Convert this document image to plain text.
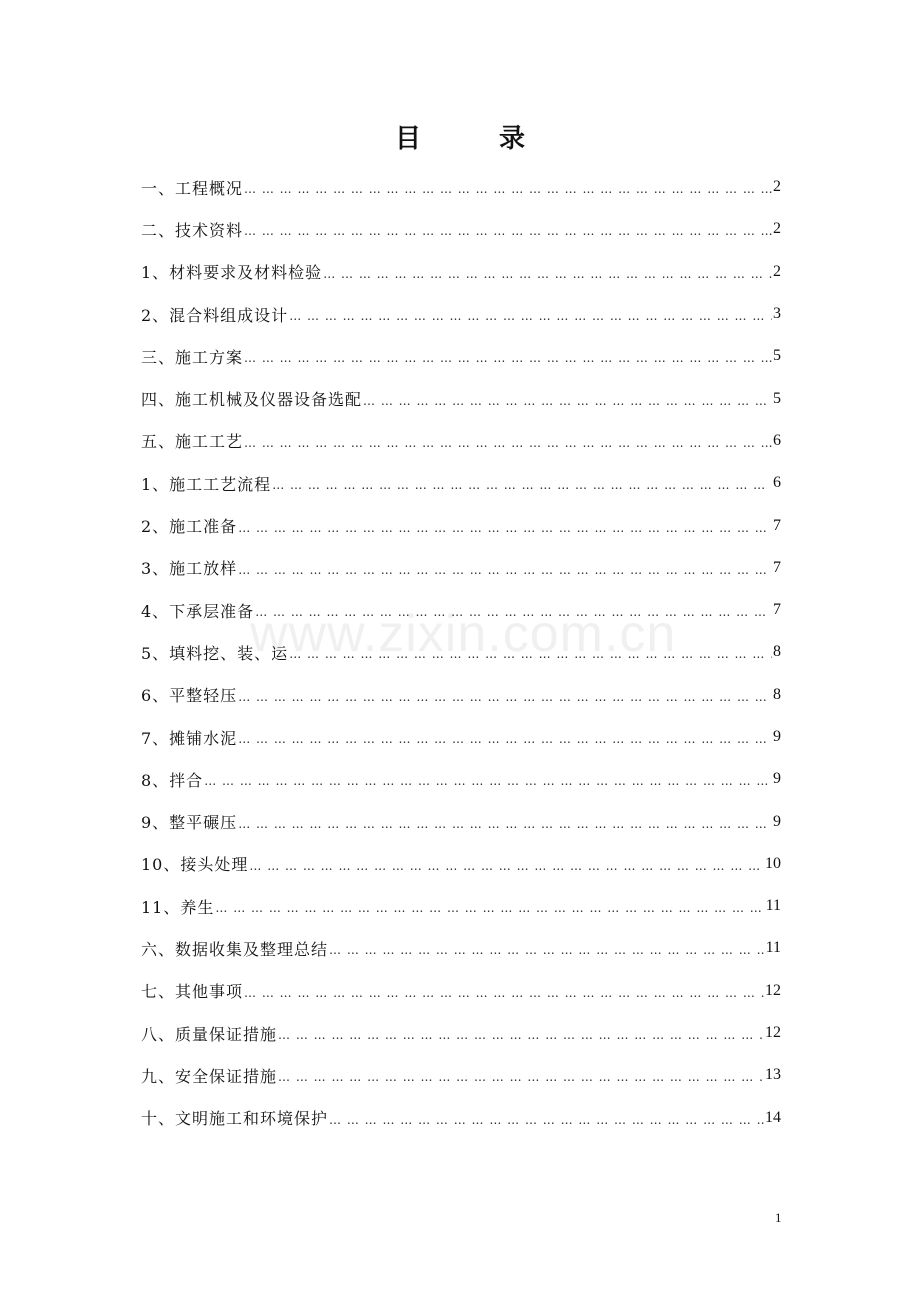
目	录
www.zixin.com.cn
一、工程概况 … … … … … … … … … … … … … … … … … … … … … … … … … … … … … … … … … … … … … … … … … … … … … … … … … … … …	2
二、技术资料 … … … … … … … … … … … … … … … … … … … … … … … … … … … … … … … … … … … … … … … … … … … … … … … … … … … …	2
1、材料要求及材料检验 … … … … … … … … … … … … … … … … … … … … … … … … … … … … … … … … … … … … … … … … … … … … … … … … … … … …	2
2、混合料组成设计 … … … … … … … … … … … … … … … … … … … … … … … … … … … … … … … … … … … … … … … … … … … … … … … … … … … …	3
三、施工方案 … … … … … … … … … … … … … … … … … … … … … … … … … … … … … … … … … … … … … … … … … … … … … … … … … … … …	5
四、施工机械及仪器设备选配 … … … … … … … … … … … … … … … … … … … … … … … … … … … … … … … … … … … … … … … … … … … … … … … … … … … …	5
五、施工工艺 … … … … … … … … … … … … … … … … … … … … … … … … … … … … … … … … … … … … … … … … … … … … … … … … … … … …	6
1、施工工艺流程 … … … … … … … … … … … … … … … … … … … … … … … … … … … … … … … … … … … … … … … … … … … … … … … … … … … …	6
2、施工准备 … … … … … … … … … … … … … … … … … … … … … … … … … … … … … … … … … … … … … … … … … … … … … … … … … … … …	7
3、施工放样 … … … … … … … … … … … … … … … … … … … … … … … … … … … … … … … … … … … … … … … … … … … … … … … … … … … …	7
4、下承层准备 … … … … … … … … … … … … … … … … … … … … … … … … … … … … … … … … … … … … … … … … … … … … … … … … … … … …	7
5、填料挖、装、运 … … … … … … … … … … … … … … … … … … … … … … … … … … … … … … … … … … … … … … … … … … … … … … … … … … … …	8
6、平整轻压 … … … … … … … … … … … … … … … … … … … … … … … … … … … … … … … … … … … … … … … … … … … … … … … … … … … …	8
7、摊铺水泥 … … … … … … … … … … … … … … … … … … … … … … … … … … … … … … … … … … … … … … … … … … … … … … … … … … … …	9
8、拌合 … … … … … … … … … … … … … … … … … … … … … … … … … … … … … … … … … … … … … … … … … … … … … … … … … … … …	9
9、整平碾压 … … … … … … … … … … … … … … … … … … … … … … … … … … … … … … … … … … … … … … … … … … … … … … … … … … … …	9
10、接头处理 … … … … … … … … … … … … … … … … … … … … … … … … … … … … … … … … … … … … … … … … … … … … … … … … … … … …	10
11、养生 … … … … … … … … … … … … … … … … … … … … … … … … … … … … … … … … … … … … … … … … … … … … … … … … … … … …	11
六、数据收集及整理总结 … … … … … … … … … … … … … … … … … … … … … … … … … … … … … … … … … … … … … … … … … … … … … … … … … … … …	11
七、其他事项 … … … … … … … … … … … … … … … … … … … … … … … … … … … … … … … … … … … … … … … … … … … … … … … … … … … …	12
八、质量保证措施 … … … … … … … … … … … … … … … … … … … … … … … … … … … … … … … … … … … … … … … … … … … … … … … … … … … …	12
九、安全保证措施 … … … … … … … … … … … … … … … … … … … … … … … … … … … … … … … … … … … … … … … … … … … … … … … … … … … …	13
十、文明施工和环境保护 … … … … … … … … … … … … … … … … … … … … … … … … … … … … … … … … … … … … … … … … … … … … … … … … … … … …	14
1
